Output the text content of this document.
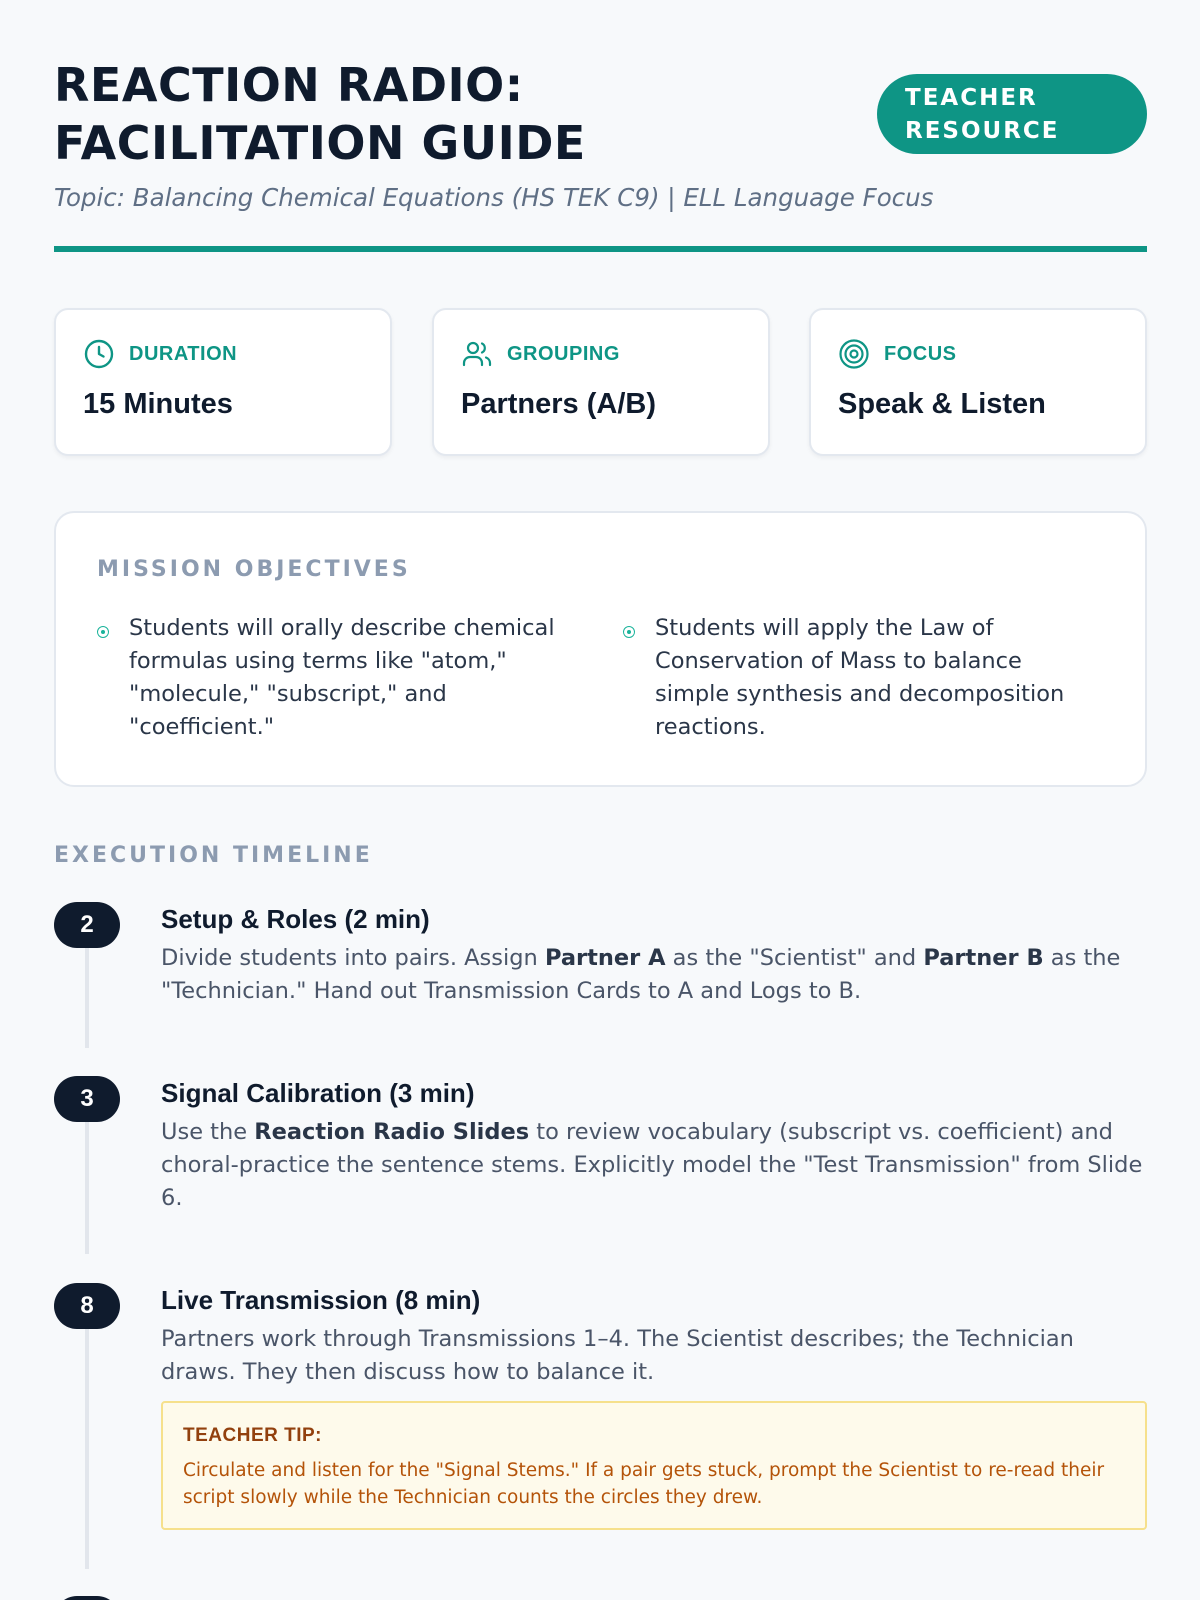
REACTION RADIO:
FACILITATION GUIDE
TEACHER
RESOURCE
Topic: Balancing Chemical Equations (HS TEK C9) | ELL Language Focus
DURATION
15 Minutes
GROUPING
Partners (A/B)
FOCUS
Speak & Listen
MISSION OBJECTIVES

Students will orally describe chemical formulas using terms like "atom," "molecule," "subscript," and "coefficient."

Students will apply the Law of Conservation of Mass to balance simple synthesis and decomposition reactions.

EXECUTION TIMELINE
2	Setup & Roles (2 min)

Divide students into pairs. Assign Partner A as the "Scientist" and Partner B as the "Technician." Hand out Transmission Cards to A and Logs to B.

3	Signal Calibration (3 min)

Use the Reaction Radio Slides to review vocabulary (subscript vs. coefficient) and choral-practice the sentence stems. Explicitly model the "Test Transmission" from Slide 6.

8	Live Transmission (8 min)

Partners work through Transmissions 1–4. The Scientist describes; the Technician draws. They then discuss how to balance it.

TEACHER TIP:

Circulate and listen for the "Signal Stems." If a pair gets stuck, prompt the Scientist to re-read their script slowly while the Technician counts the circles they drew.
